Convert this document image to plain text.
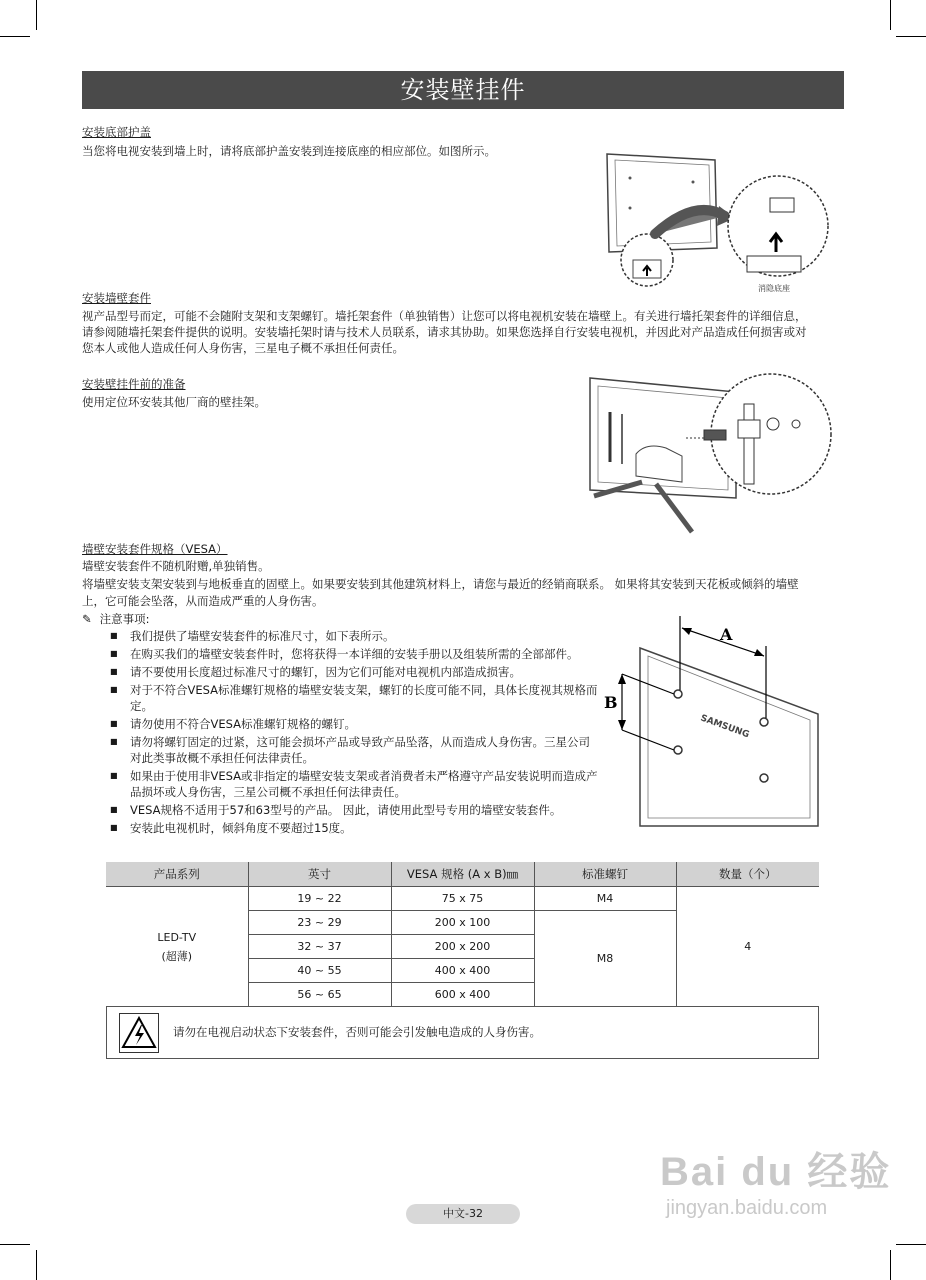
安装壁挂件
安装底部护盖
当您将电视安装到墙上时，请将底部护盖安装到连接底座的相应部位。如图所示。
消隐底座
安装墙壁套件
视产品型号而定，可能不会随附支架和支架螺钉。墙托架套件（单独销售）让您可以将电视机安装在墙壁上。有关进行墙托架套件的详细信息，
请参阅随墙托架套件提供的说明。安装墙托架时请与技术人员联系，请求其协助。如果您选择自行安装电视机，并因此对产品造成任何损害或对
您本人或他人造成任何人身伤害，三星电子概不承担任何责任。
安装壁挂件前的准备
使用定位环安装其他厂商的壁挂架。
墙壁安装套件规格（VESA）
墙壁安装套件不随机附赠,单独销售。
将墙壁安装支架安装到与地板垂直的固壁上。如果要安装到其他建筑材料上，请您与最近的经销商联系。 如果将其安装到天花板或倾斜的墙壁
上，它可能会坠落，从而造成严重的人身伤害。
✎ 注意事项:
■ 我们提供了墙壁安装套件的标准尺寸，如下表所示。
■ 在购买我们的墙壁安装套件时，您将获得一本详细的安装手册以及组装所需的全部部件。
■ 请不要使用长度超过标准尺寸的螺钉，因为它们可能对电视机内部造成损害。
■ 对于不符合VESA标准螺钉规格的墙壁安装支架，螺钉的长度可能不同，具体长度视其规格而定。
■ 请勿使用不符合VESA标准螺钉规格的螺钉。
■ 请勿将螺钉固定的过紧，这可能会损坏产品或导致产品坠落，从而造成人身伤害。三星公司对此类事故概不承担任何法律责任。
■ 如果由于使用非VESA或非指定的墙壁安装支架或者消费者未严格遵守产品安装说明而造成产品损坏或人身伤害，三星公司概不承担任何法律责任。
■ VESA规格不适用于57和63型号的产品。 因此，请使用此型号专用的墙壁安装套件。
■ 安装此电视机时，倾斜角度不要超过15度。
A
B
SAMSUNG
产品系列	英寸	VESA 规格 (A x B)㎜	标准螺钉	数量（个）

LED-TV
(超薄)	19 ~ 22	75 x 75	M4	4
	23 ~ 29	200 x 100	M8	
	32 ~ 37	200 x 200		
	40 ~ 55	400 x 400		
	56 ~ 65	600 x 400		
请勿在电视启动状态下安装套件，否则可能会引发触电造成的人身伤害。
Bai du 经验
jingyan.baidu.com
中文-32
